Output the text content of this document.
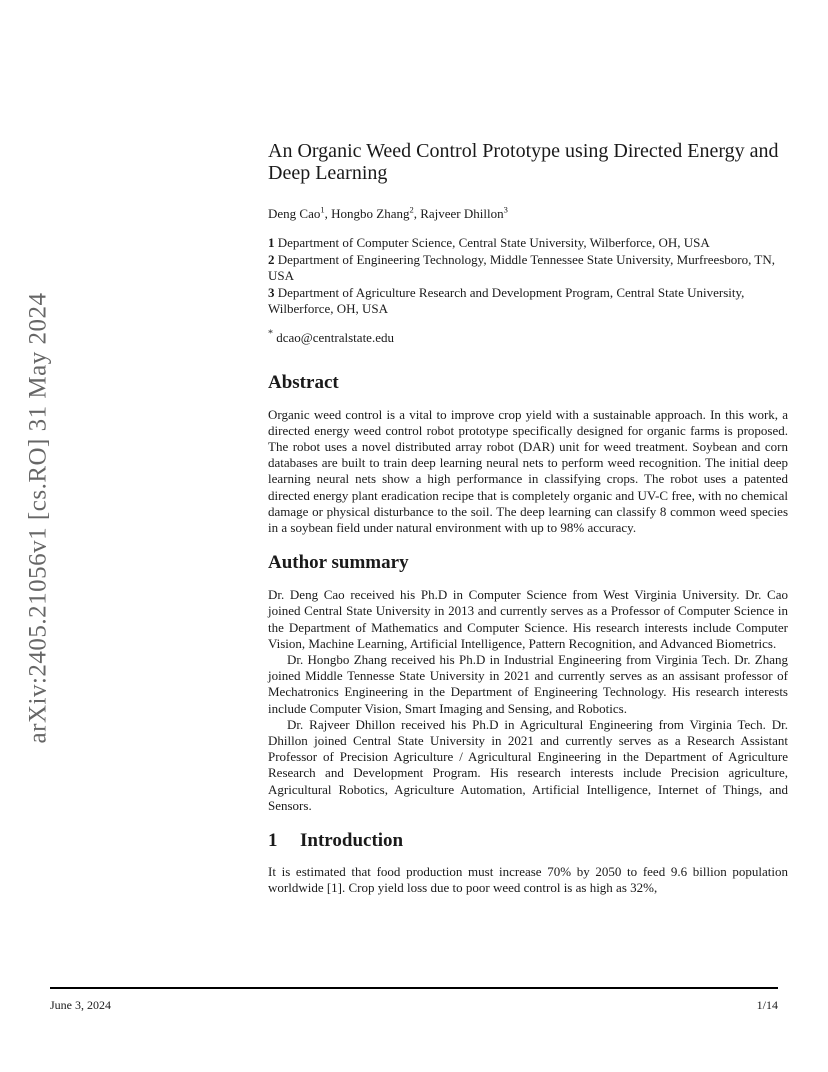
arXiv:2405.21056v1 [cs.RO] 31 May 2024
An Organic Weed Control Prototype using Directed Energy and Deep Learning

Deng Cao$^1$, Hongbo Zhang$^2$, Rajveer Dhillon$^3$

1 Department of Computer Science, Central State University, Wilberforce, OH, USA
2 Department of Engineering Technology, Middle Tennessee State University, Murfreesboro, TN, USA
3 Department of Agriculture Research and Development Program, Central State University, Wilberforce, OH, USA

* dcao@centralstate.edu

Abstract

Organic weed control is a vital to improve crop yield with a sustainable approach. In this work, a directed energy weed control robot prototype specifically designed for organic farms is proposed. The robot uses a novel distributed array robot (DAR) unit for weed treatment. Soybean and corn databases are built to train deep learning neural nets to perform weed recognition. The initial deep learning neural nets show a high performance in classifying crops. The robot uses a patented directed energy plant eradication recipe that is completely organic and UV-C free, with no chemical damage or physical disturbance to the soil. The deep learning can classify 8 common weed species in a soybean field under natural environment with up to 98% accuracy.

Author summary

Dr. Deng Cao received his Ph.D in Computer Science from West Virginia University. Dr. Cao joined Central State University in 2013 and currently serves as a Professor of Computer Science in the Department of Mathematics and Computer Science. His research interests include Computer Vision, Machine Learning, Artificial Intelligence, Pattern Recognition, and Advanced Biometrics.

Dr. Hongbo Zhang received his Ph.D in Industrial Engineering from Virginia Tech. Dr. Zhang joined Middle Tennesse State University in 2021 and currently serves as an assisant professor of Mechatronics Engineering in the Department of Engineering Technology. His research interests include Computer Vision, Smart Imaging and Sensing, and Robotics.

Dr. Rajveer Dhillon received his Ph.D in Agricultural Engineering from Virginia Tech. Dr. Dhillon joined Central State University in 2021 and currently serves as a Research Assistant Professor of Precision Agriculture / Agricultural Engineering in the Department of Agriculture Research and Development Program. His research interests include Precision agriculture, Agricultural Robotics, Agriculture Automation, Artificial Intelligence, Internet of Things, and Sensors.

1 Introduction

It is estimated that food production must increase 70% by 2050 to feed 9.6 billion population worldwide [1]. Crop yield loss due to poor weed control is as high as 32%,

June 3, 2024	1/14
